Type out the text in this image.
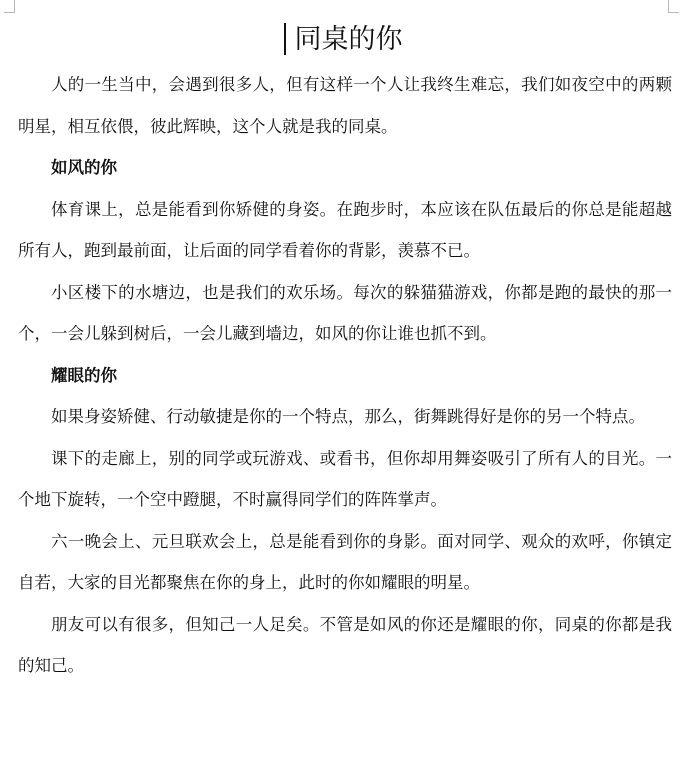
同桌的你

人的一生当中，会遇到很多人，但有这样一个人让我终生难忘，我们如夜空中的两颗明星，相互依偎，彼此辉映，这个人就是我的同桌。

如风的你

体育课上，总是能看到你矫健的身姿。在跑步时，本应该在队伍最后的你总是能超越所有人，跑到最前面，让后面的同学看着你的背影，羡慕不已。

小区楼下的水塘边，也是我们的欢乐场。每次的躲猫猫游戏，你都是跑的最快的那一个，一会儿躲到树后，一会儿藏到墙边，如风的你让谁也抓不到。

耀眼的你

如果身姿矫健、行动敏捷是你的一个特点，那么，街舞跳得好是你的另一个特点。

课下的走廊上，别的同学或玩游戏、或看书，但你却用舞姿吸引了所有人的目光。一个地下旋转，一个空中蹬腿，不时赢得同学们的阵阵掌声。

六一晚会上、元旦联欢会上，总是能看到你的身影。面对同学、观众的欢呼，你镇定自若，大家的目光都聚焦在你的身上，此时的你如耀眼的明星。

朋友可以有很多，但知己一人足矣。不管是如风的你还是耀眼的你，同桌的你都是我的知己。
